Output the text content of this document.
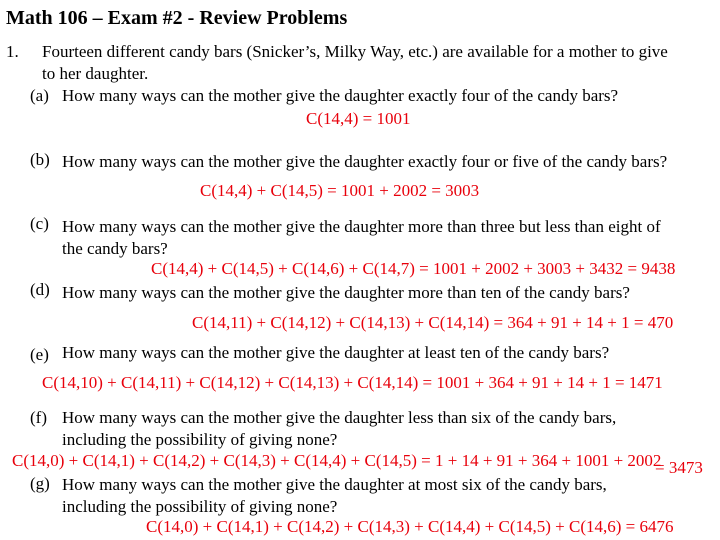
Math 106 – Exam #2 - Review Problems
1. Fourteen different candy bars (Snicker’s, Milky Way, etc.) are available for a mother to give
to her daughter.
(a) How many ways can the mother give the daughter exactly four of the candy bars?
C(14,4) = 1001
(b) How many ways can the mother give the daughter exactly four or five of the candy bars?
C(14,4) + C(14,5) = 1001 + 2002 = 3003
(c) How many ways can the mother give the daughter more than three but less than eight of
the candy bars?
C(14,4) + C(14,5) + C(14,6) + C(14,7) = 1001 + 2002 + 3003 + 3432 = 9438
(d) How many ways can the mother give the daughter more than ten of the candy bars?
C(14,11) + C(14,12) + C(14,13) + C(14,14) = 364 + 91 + 14 + 1 = 470
(e) How many ways can the mother give the daughter at least ten of the candy bars?
C(14,10) + C(14,11) + C(14,12) + C(14,13) + C(14,14) = 1001 + 364 + 91 + 14 + 1 = 1471
(f) How many ways can the mother give the daughter less than six of the candy bars,
including the possibility of giving none?
C(14,0) + C(14,1) + C(14,2) + C(14,3) + C(14,4) + C(14,5) = 1 + 14 + 91 + 364 + 1001 + 2002
= 3473
(g) How many ways can the mother give the daughter at most six of the candy bars,
including the possibility of giving none?
C(14,0) + C(14,1) + C(14,2) + C(14,3) + C(14,4) + C(14,5) + C(14,6) = 6476
